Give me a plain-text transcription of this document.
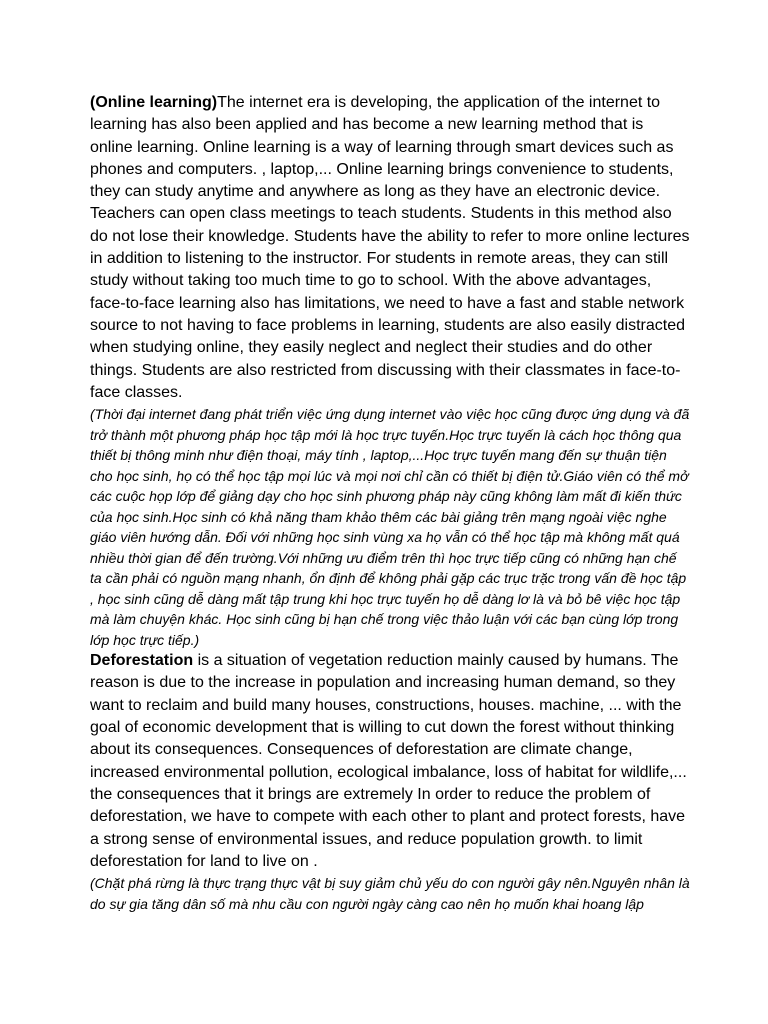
(Online learning)The internet era is developing, the application of the internet to learning has also been applied and has become a new learning method that is online learning. Online learning is a way of learning through smart devices such as phones and computers. , laptop,... Online learning brings convenience to students, they can study anytime and anywhere as long as they have an electronic device. Teachers can open class meetings to teach students. Students in this method also do not lose their knowledge. Students have the ability to refer to more online lectures in addition to listening to the instructor. For students in remote areas, they can still study without taking too much time to go to school. With the above advantages, face-to-face learning also has limitations, we need to have a fast and stable network source to not having to face problems in learning, students are also easily distracted when studying online, they easily neglect and neglect their studies and do other things. Students are also restricted from discussing with their classmates in face-to-face classes.

(Thời đại internet đang phát triển việc ứng dụng internet vào việc học cũng được ứng dụng và đã trở thành một phương pháp học tập mới là học trực tuyến.Học trực tuyến là cách học thông qua thiết bị thông minh như điện thoại, máy tính , laptop,...Học trực tuyến mang đến sự thuận tiện cho học sinh, họ có thể học tập mọi lúc và mọi nơi chỉ cần có thiết bị điện tử.Giáo viên có thể mở các cuộc họp lớp để giảng dạy cho học sinh phương pháp này cũng không làm mất đi kiến thức của học sinh.Học sinh có khả năng tham khảo thêm các bài giảng trên mạng ngoài việc nghe giáo viên hướng dẫn. Đối với những học sinh vùng xa họ vẫn có thể học tập mà không mất quá nhiều thời gian để đến trường.Với những ưu điểm trên thì học trực tiếp cũng có những hạn chế ta cần phải có nguồn mạng nhanh, ổn định để không phải gặp các trục trặc trong vấn đề học tập , học sinh cũng dễ dàng mất tập trung khi học trực tuyến họ dễ dàng lơ là và bỏ bê việc học tập mà làm chuyện khác. Học sinh cũng bị hạn chế trong việc thảo luận với các bạn cùng lớp trong lớp học trực tiếp.)

Deforestation is a situation of vegetation reduction mainly caused by humans. The reason is due to the increase in population and increasing human demand, so they want to reclaim and build many houses, constructions, houses. machine, ... with the goal of economic development that is willing to cut down the forest without thinking about its consequences. Consequences of deforestation are climate change, increased environmental pollution, ecological imbalance, loss of habitat for wildlife,... the consequences that it brings are extremely In order to reduce the problem of deforestation, we have to compete with each other to plant and protect forests, have a strong sense of environmental issues, and reduce population growth. to limit deforestation for land to live on .

(Chặt phá rừng là thực trạng thực vật bị suy giảm chủ yếu do con người gây nên.Nguyên nhân là do sự gia tăng dân số mà nhu cầu con người ngày càng cao nên họ muốn khai hoang lập
